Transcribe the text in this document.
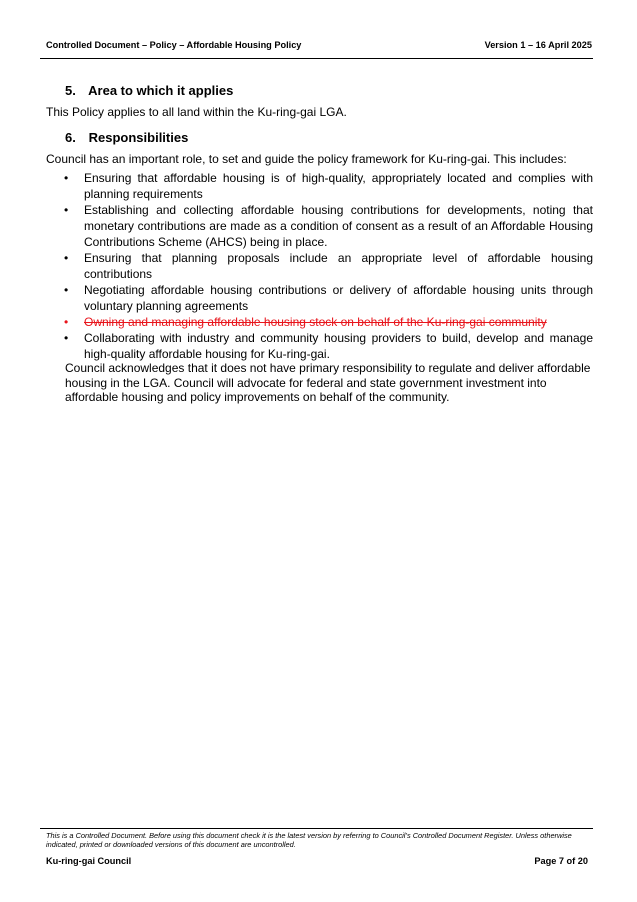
Controlled Document – Policy – Affordable Housing Policy	Version 1 – 16 April 2025
5. Area to which it applies
This Policy applies to all land within the Ku-ring-gai LGA.
6. Responsibilities
Council has an important role, to set and guide the policy framework for Ku-ring-gai. This includes:
• Ensuring that affordable housing is of high-quality, appropriately located and complies with planning requirements
• Establishing and collecting affordable housing contributions for developments, noting that monetary contributions are made as a condition of consent as a result of an Affordable Housing Contributions Scheme (AHCS) being in place.
• Ensuring that planning proposals include an appropriate level of affordable housing contributions
• Negotiating affordable housing contributions or delivery of affordable housing units through voluntary planning agreements
• Owning and managing affordable housing stock on behalf of the Ku-ring-gai community
• Collaborating with industry and community housing providers to build, develop and manage high-quality affordable housing for Ku-ring-gai.
Council acknowledges that it does not have primary responsibility to regulate and deliver affordable housing in the LGA. Council will advocate for federal and state government investment into affordable housing and policy improvements on behalf of the community.
This is a Controlled Document. Before using this document check it is the latest version by referring to Council’s Controlled Document Register. Unless otherwise indicated, printed or downloaded versions of this document are uncontrolled.
Ku-ring-gai Council	Page 7 of 20
